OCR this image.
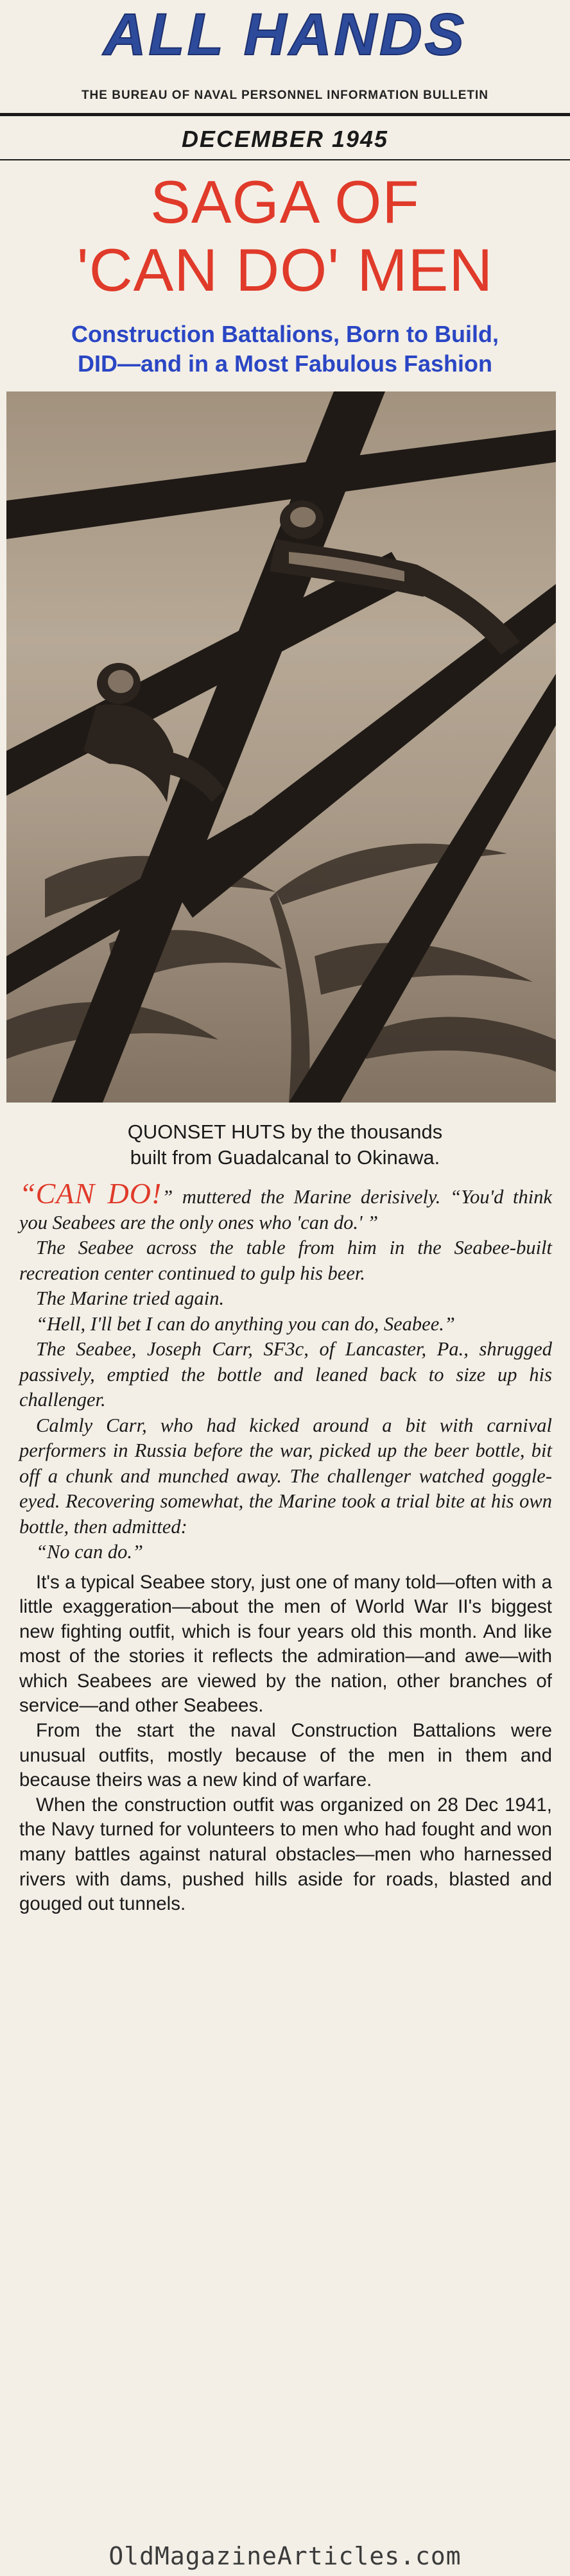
ALL HANDS
THE BUREAU OF NAVAL PERSONNEL INFORMATION BULLETIN
DECEMBER 1945
SAGA OF
'CAN DO' MEN
Construction Battalions, Born to Build,
DID—and in a Most Fabulous Fashion
QUONSET HUTS by the thousands
built from Guadalcanal to Okinawa.

“CAN DO!” muttered the Marine derisively. “You'd think you Seabees are the only ones who 'can do.' ”

The Seabee across the table from him in the Seabee-built recreation center continued to gulp his beer.

The Marine tried again.

“Hell, I'll bet I can do anything you can do, Seabee.”

The Seabee, Joseph Carr, SF3c, of Lancaster, Pa., shrugged passively, emptied the bottle and leaned back to size up his challenger.

Calmly Carr, who had kicked around a bit with carnival performers in Russia before the war, picked up the beer bottle, bit off a chunk and munched away. The challenger watched goggle-eyed. Recovering somewhat, the Marine took a trial bite at his own bottle, then admitted:

“No can do.”

It's a typical Seabee story, just one of many told—often with a little exaggeration—about the men of World War II's biggest new fighting outfit, which is four years old this month. And like most of the stories it reflects the admiration—and awe—with which Seabees are viewed by the nation, other branches of service—and other Seabees.

From the start the naval Construction Battalions were unusual outfits, mostly because of the men in them and because theirs was a new kind of warfare.

When the construction outfit was organized on 28 Dec 1941, the Navy turned for volunteers to men who had fought and won many battles against natural obstacles—men who harnessed rivers with dams, pushed hills aside for roads, blasted and gouged out tunnels.

OldMagazineArticles.com
